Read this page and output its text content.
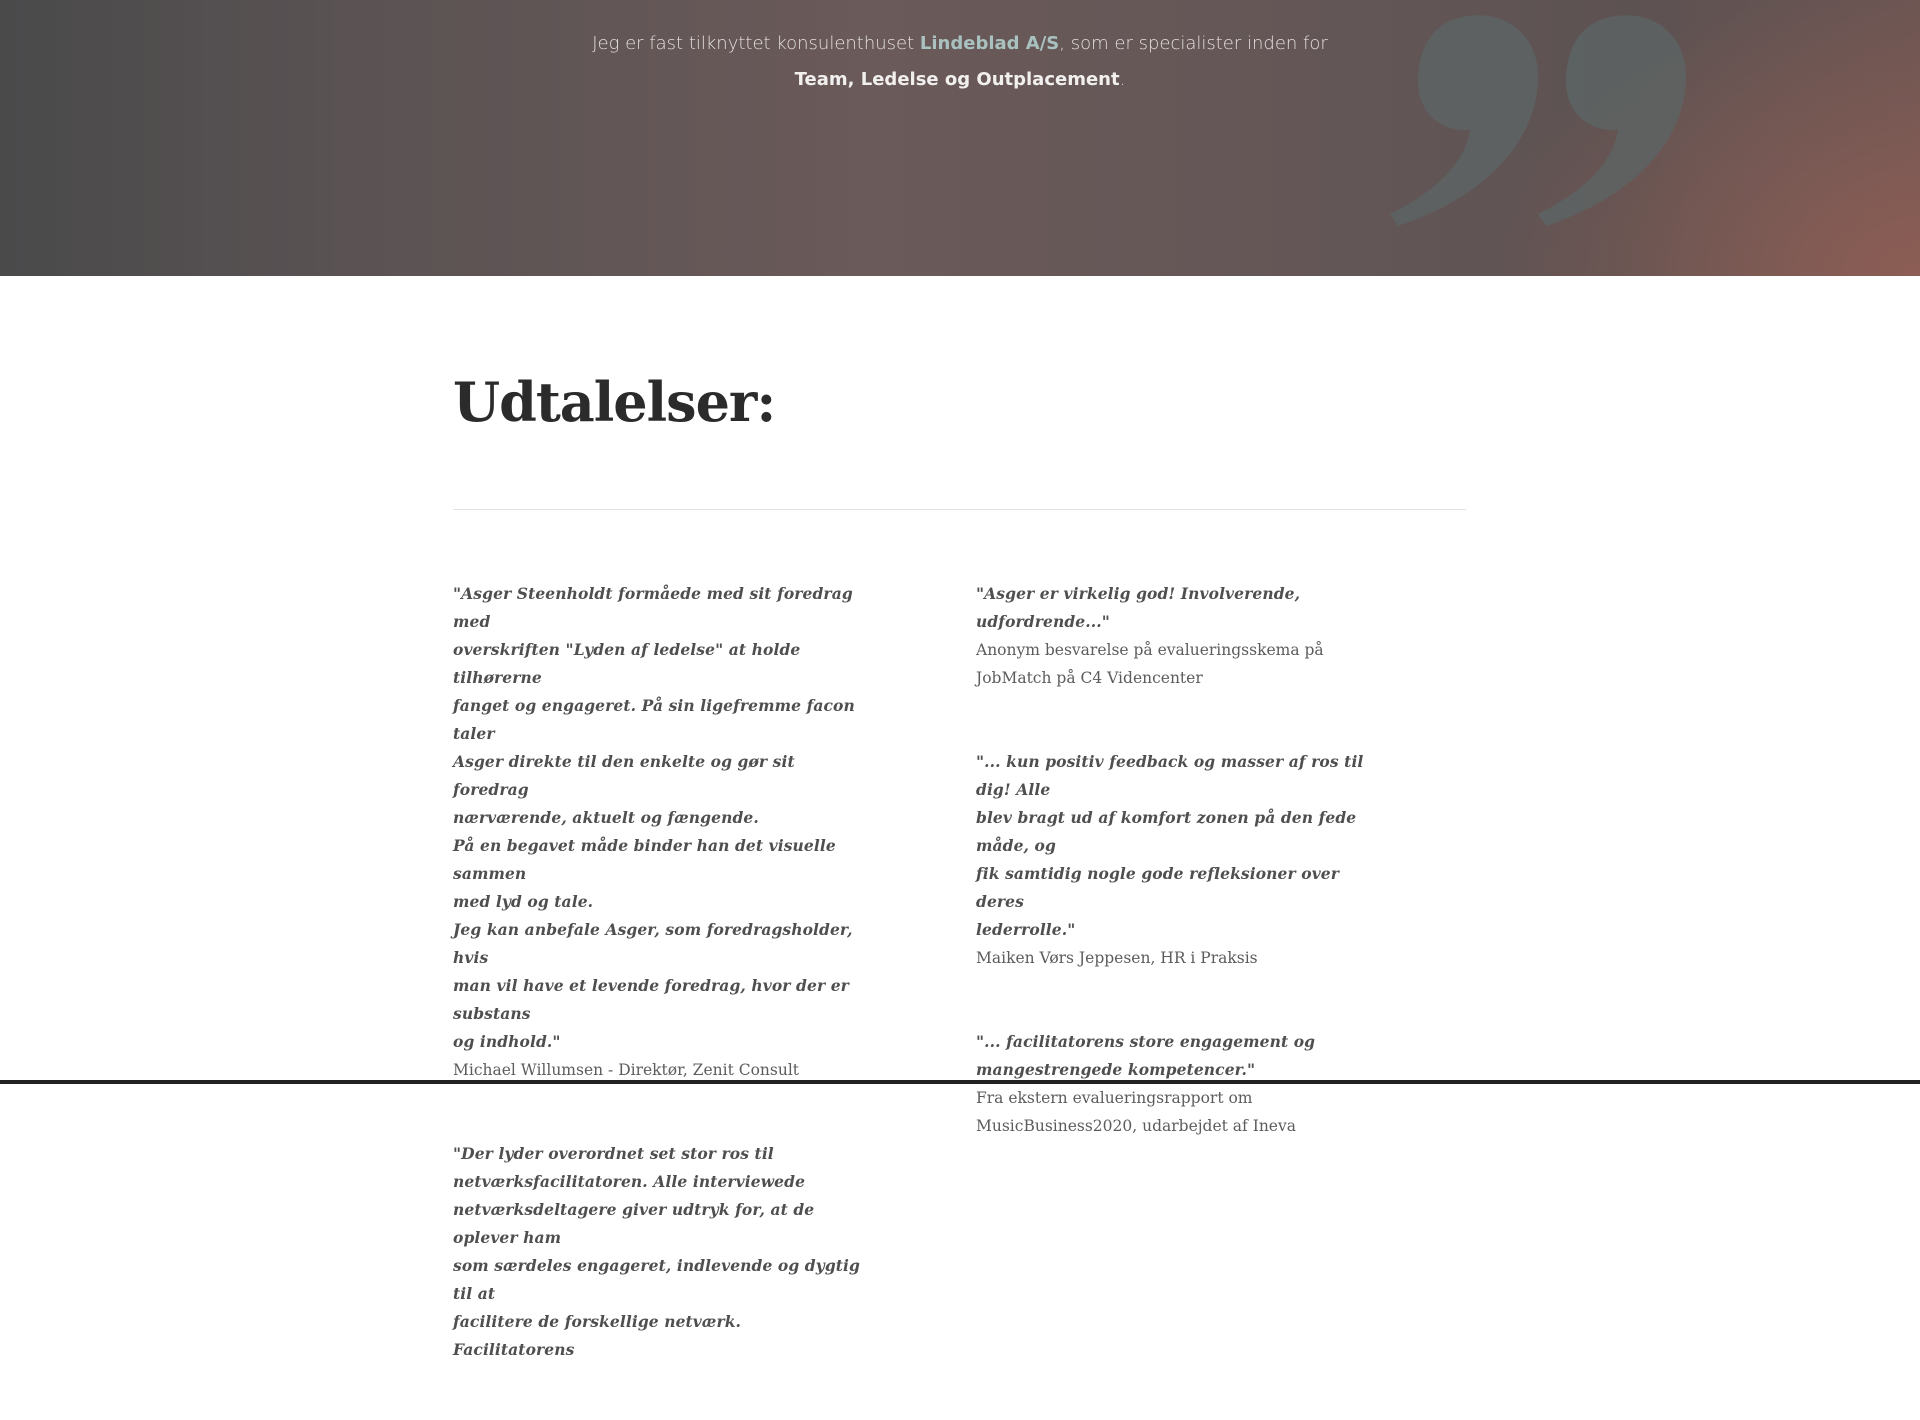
Jeg er fast tilknyttet konsulenthuset Lindeblad A/S, som er specialister inden for
Team, Ledelse og Outplacement.
Udtalelser:
"Asger Steenholdt formåede med sit foredrag med
overskriften "Lyden af ledelse" at holde tilhørerne
fanget og engageret. På sin ligefremme facon taler
Asger direkte til den enkelte og gør sit foredrag
nærværende, aktuelt og fængende.
På en begavet måde binder han det visuelle sammen
med lyd og tale.
Jeg kan anbefale Asger, som foredragsholder, hvis
man vil have et levende foredrag, hvor der er substans
og indhold."
Michael Willumsen - Direktør, Zenit Consult
"Der lyder overordnet set stor ros til
netværksfacilitatoren. Alle interviewede
netværksdeltagere giver udtryk for, at de oplever ham
som særdeles engageret, indlevende og dygtig til at
facilitere de forskellige netværk. Facilitatorens
"Asger er virkelig god! Involverende, udfordrende..."
Anonym besvarelse på evalueringsskema på
JobMatch på C4 Videncenter
"... kun positiv feedback og masser af ros til dig! Alle
blev bragt ud af komfort zonen på den fede måde, og
fik samtidig nogle gode refleksioner over deres
lederrolle."
Maiken Vørs Jeppesen, HR i Praksis
"... facilitatorens store engagement og
mangestrengede kompetencer."
Fra ekstern evalueringsrapport om
MusicBusiness2020, udarbejdet af Ineva
